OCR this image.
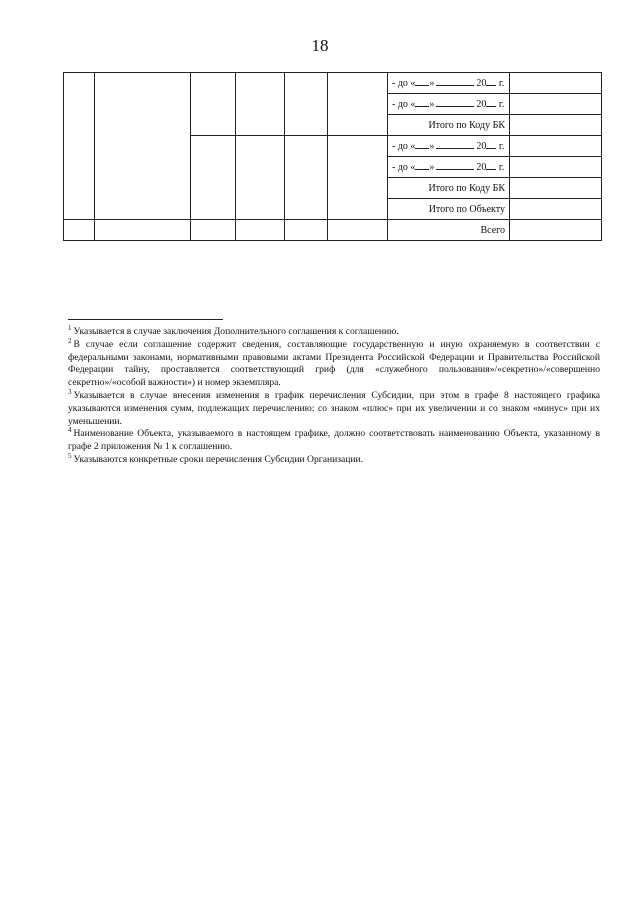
18
						- до « » 20 г.	
						- до « » 20 г.	
						Итого по Коду БК	
						- до « » 20 г.	
						- до « » 20 г.	
						Итого по Коду БК	
						Итого по Объекту	
						Всего	

$^1$ Указывается в случае заключения Дополнительного соглашения к соглашению.

$^2$ В случае если соглашение содержит сведения, составляющие государственную и иную охраняемую в соответствии с федеральными законами, нормативными правовыми актами Президента Российской Федерации и Правительства Российской Федерации тайну, проставляется соответствующий гриф (для «служебного пользования»/«секретно»/«совершенно секретно»/«особой важности») и номер экземпляра.

$^3$ Указывается в случае внесения изменения в график перечисления Субсидии, при этом в графе 8 настоящего графика указываются изменения сумм, подлежащих перечислению: со знаком «плюс» при их увеличении и со знаком «минус» при их уменьшении.

$^4$ Наименование Объекта, указываемого в настоящем графике, должно соответствовать наименованию Объекта, указанному в графе 2 приложения № 1 к соглашению.

$^5$ Указываются конкретные сроки перечисления Субсидии Организации.
